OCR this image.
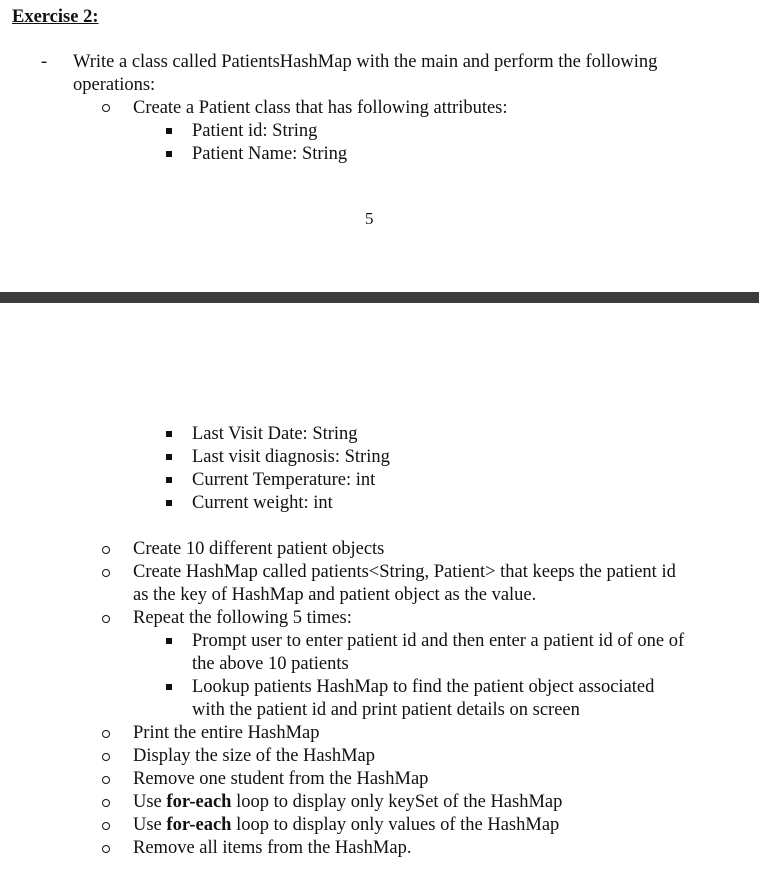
Exercise 2:
- Write a class called PatientsHashMap with the main and perform the following
operations:
Create a Patient class that has following attributes:
Patient id: String
Patient Name: String
5
Last Visit Date: String
Last visit diagnosis: String
Current Temperature: int
Current weight: int
Create 10 different patient objects
Create HashMap called patients<String, Patient> that keeps the patient id
as the key of HashMap and patient object as the value.
Repeat the following 5 times:
Prompt user to enter patient id and then enter a patient id of one of
the above 10 patients
Lookup patients HashMap to find the patient object associated
with the patient id and print patient details on screen
Print the entire HashMap
Display the size of the HashMap
Remove one student from the HashMap
Use for-each loop to display only keySet of the HashMap
Use for-each loop to display only values of the HashMap
Remove all items from the HashMap.
